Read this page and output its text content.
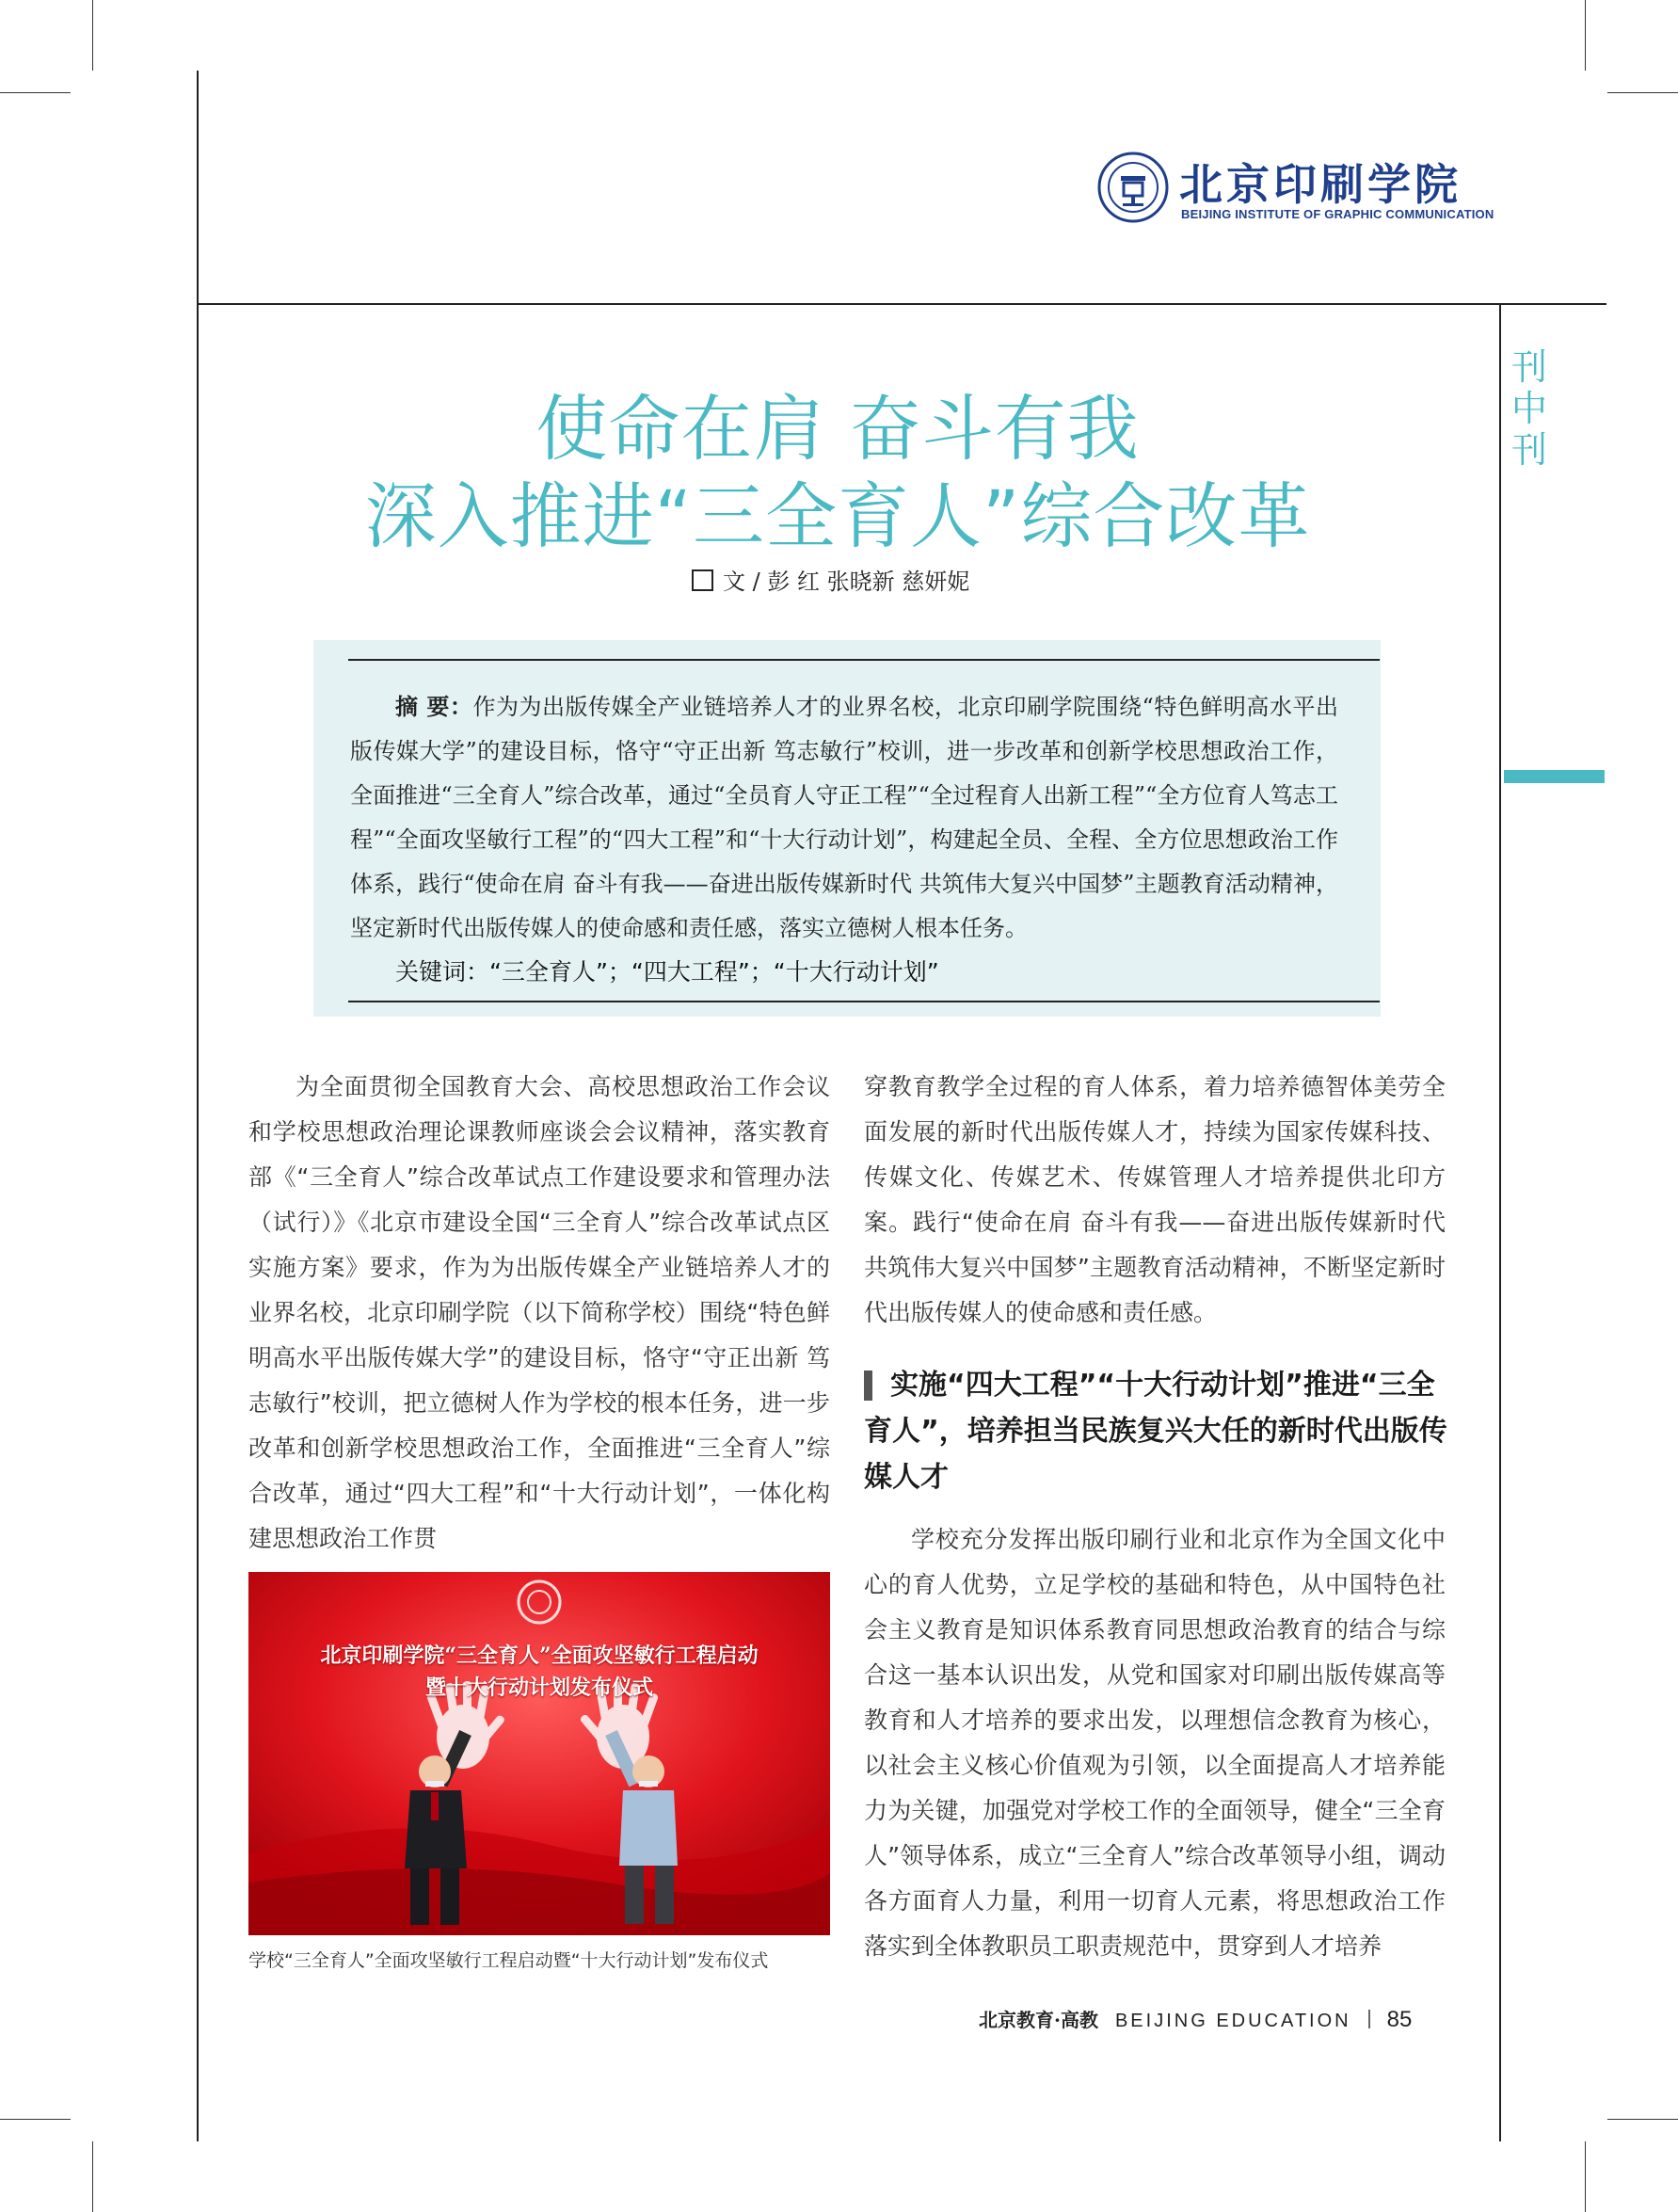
北京印刷学院
BEIJING INSTITUTE OF GRAPHIC COMMUNICATION
刊中刊
使命在肩 奋斗有我
深入推进“三全育人”综合改革
文 / 彭 红 张晓新 慈妍妮
摘 要：作为为出版传媒全产业链培养人才的业界名校，北京印刷学院围绕“特色鲜明高水平出版传媒大学”的建设目标，恪守“守正出新 笃志敏行”校训，进一步改革和创新学校思想政治工作，全面推进“三全育人”综合改革，通过“全员育人守正工程”“全过程育人出新工程”“全方位育人笃志工程”“全面攻坚敏行工程”的“四大工程”和“十大行动计划”，构建起全员、全程、全方位思想政治工作体系，践行“使命在肩 奋斗有我——奋进出版传媒新时代 共筑伟大复兴中国梦”主题教育活动精神，坚定新时代出版传媒人的使命感和责任感，落实立德树人根本任务。
关键词：“三全育人”；“四大工程”；“十大行动计划”
为全面贯彻全国教育大会、高校思想政治工作会议和学校思想政治理论课教师座谈会会议精神，落实教育部《“三全育人”综合改革试点工作建设要求和管理办法（试行）》《北京市建设全国“三全育人”综合改革试点区实施方案》要求，作为为出版传媒全产业链培养人才的业界名校，北京印刷学院（以下简称学校）围绕“特色鲜明高水平出版传媒大学”的建设目标，恪守“守正出新 笃志敏行”校训，把立德树人作为学校的根本任务，进一步改革和创新学校思想政治工作，全面推进“三全育人”综合改革，通过“四大工程”和“十大行动计划”，一体化构建思想政治工作贯
穿教育教学全过程的育人体系，着力培养德智体美劳全面发展的新时代出版传媒人才，持续为国家传媒科技、传媒文化、传媒艺术、传媒管理人才培养提供北印方案。践行“使命在肩 奋斗有我——奋进出版传媒新时代 共筑伟大复兴中国梦”主题教育活动精神，不断坚定新时代出版传媒人的使命感和责任感。
实施“四大工程”“十大行动计划”推进“三全育人”，培养担当民族复兴大任的新时代出版传媒人才
学校充分发挥出版印刷行业和北京作为全国文化中心的育人优势，立足学校的基础和特色，从中国特色社会主义教育是知识体系教育同思想政治教育的结合与综合这一基本认识出发，从党和国家对印刷出版传媒高等教育和人才培养的要求出发，以理想信念教育为核心，以社会主义核心价值观为引领，以全面提高人才培养能力为关键，加强党对学校工作的全面领导，健全“三全育人”领导体系，成立“三全育人”综合改革领导小组，调动各方面育人力量，利用一切育人元素，将思想政治工作落实到全体教职员工职责规范中，贯穿到人才培养
北京印刷学院“三全育人”全面攻坚敏行工程启动
暨十大行动计划发布仪式
学校“三全育人”全面攻坚敏行工程启动暨“十大行动计划”发布仪式
北京教育·高教 BEIJING EDUCATION 85
